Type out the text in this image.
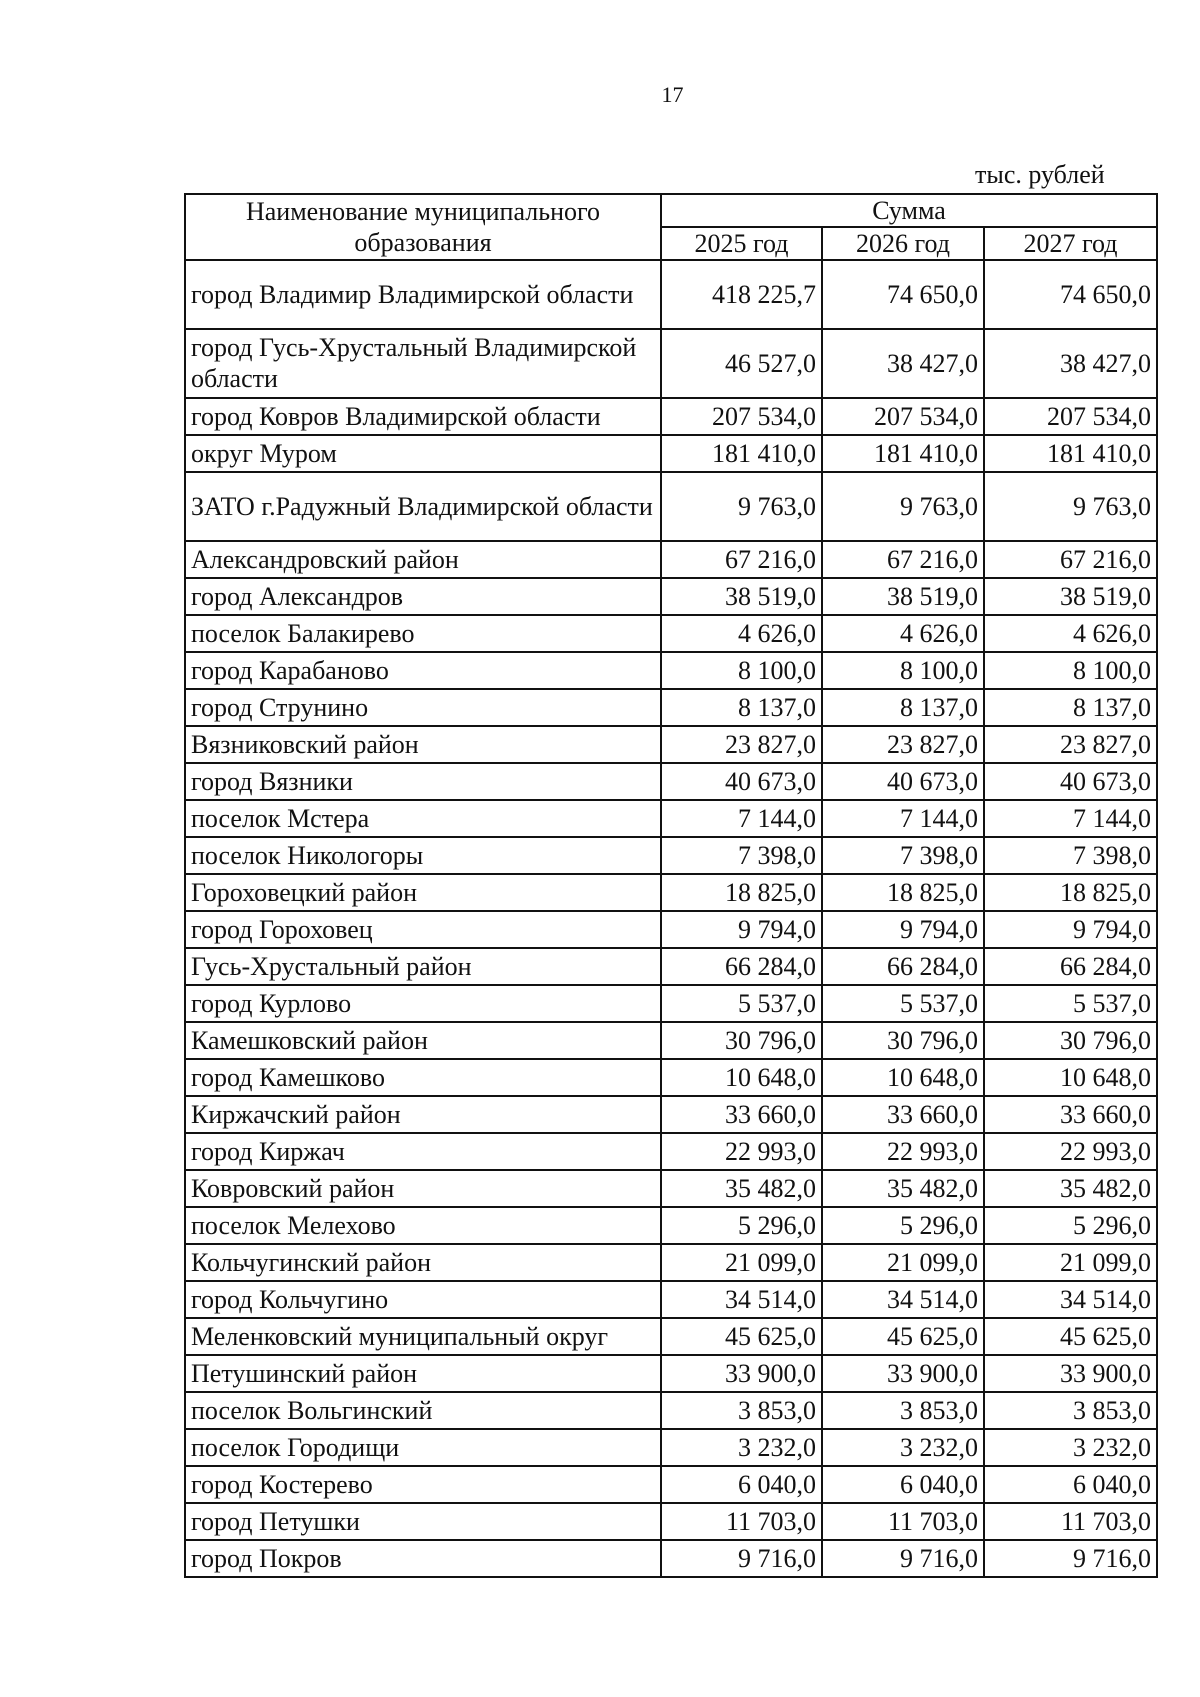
17
тыс. рублей
Наименование муниципального образования	Сумма		
	2025 год	2026 год	2027 год
город Владимир Владимирской области	418 225,7	74 650,0	74 650,0
город Гусь-Хрустальный Владимирской области	46 527,0	38 427,0	38 427,0
город Ковров Владимирской области	207 534,0	207 534,0	207 534,0
округ Муром	181 410,0	181 410,0	181 410,0
ЗАТО г.Радужный Владимирской области	9 763,0	9 763,0	9 763,0
Александровский район	67 216,0	67 216,0	67 216,0
город Александров	38 519,0	38 519,0	38 519,0
поселок Балакирево	4 626,0	4 626,0	4 626,0
город Карабаново	8 100,0	8 100,0	8 100,0
город Струнино	8 137,0	8 137,0	8 137,0
Вязниковский район	23 827,0	23 827,0	23 827,0
город Вязники	40 673,0	40 673,0	40 673,0
поселок Мстера	7 144,0	7 144,0	7 144,0
поселок Никологоры	7 398,0	7 398,0	7 398,0
Гороховецкий район	18 825,0	18 825,0	18 825,0
город Гороховец	9 794,0	9 794,0	9 794,0
Гусь-Хрустальный район	66 284,0	66 284,0	66 284,0
город Курлово	5 537,0	5 537,0	5 537,0
Камешковский район	30 796,0	30 796,0	30 796,0
город Камешково	10 648,0	10 648,0	10 648,0
Киржачский район	33 660,0	33 660,0	33 660,0
город Киржач	22 993,0	22 993,0	22 993,0
Ковровский район	35 482,0	35 482,0	35 482,0
поселок Мелехово	5 296,0	5 296,0	5 296,0
Кольчугинский район	21 099,0	21 099,0	21 099,0
город Кольчугино	34 514,0	34 514,0	34 514,0
Меленковский муниципальный округ	45 625,0	45 625,0	45 625,0
Петушинский район	33 900,0	33 900,0	33 900,0
поселок Вольгинский	3 853,0	3 853,0	3 853,0
поселок Городищи	3 232,0	3 232,0	3 232,0
город Костерево	6 040,0	6 040,0	6 040,0
город Петушки	11 703,0	11 703,0	11 703,0
город Покров	9 716,0	9 716,0	9 716,0
